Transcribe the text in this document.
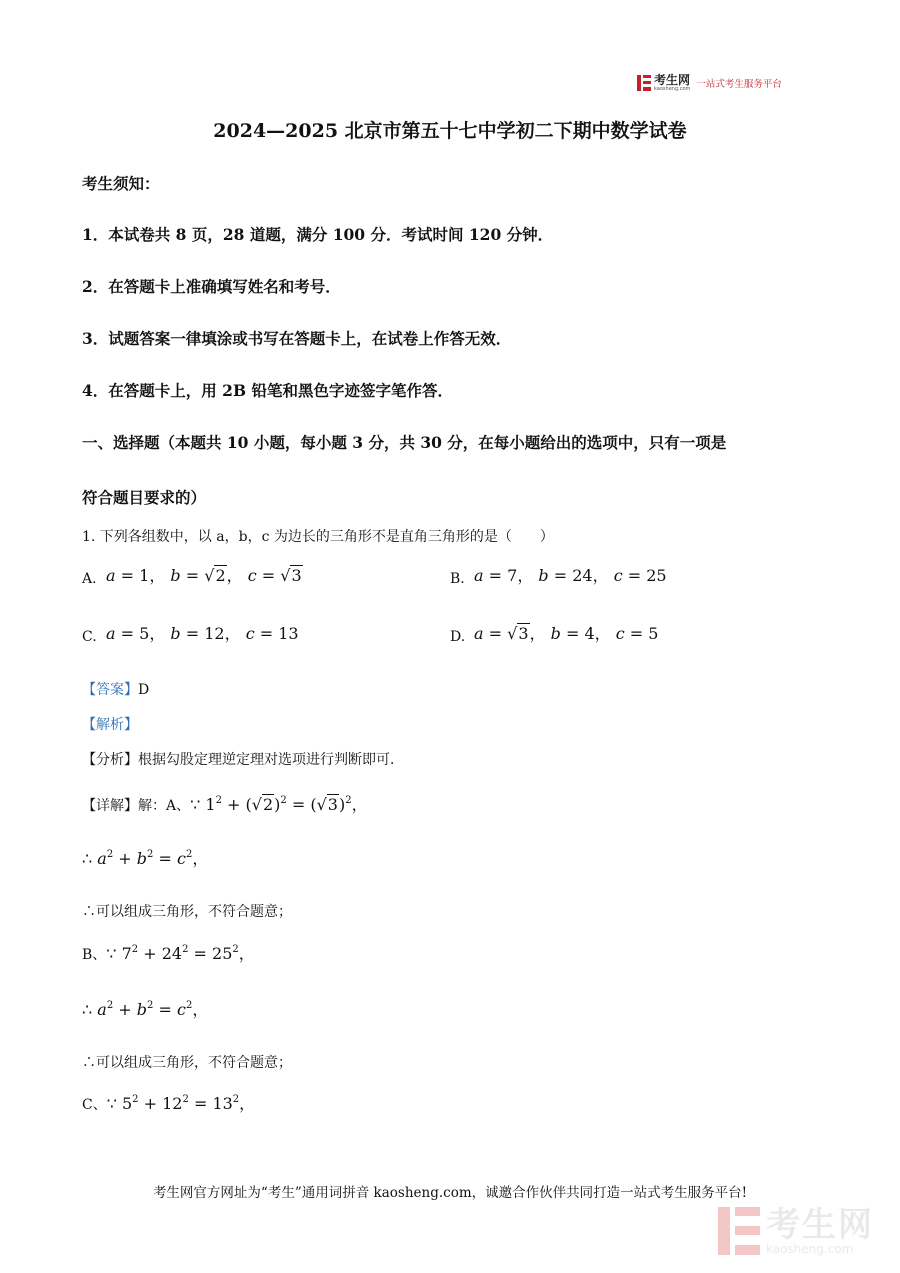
考生网
kaosheng.com 一站式考生服务平台
2024—2025 北京市第五十七中学初二下期中数学试卷
考生须知：
1．本试卷共 8 页，28 道题，满分 100 分．考试时间 120 分钟．
2．在答题卡上准确填写姓名和考号．
3．试题答案一律填涂或书写在答题卡上，在试卷上作答无效．
4．在答题卡上，用 2B 铅笔和黑色字迹签字笔作答．
一、选择题（本题共 10 小题，每小题 3 分，共 30 分，在每小题给出的选项中，只有一项是
符合题目要求的）
1. 下列各组数中，以 a，b，c 为边长的三角形不是直角三角形的是（　　）
A. a = 1， b = √2， c = √3	B. a = 7， b = 24， c = 25
C. a = 5， b = 12， c = 13	D. a = √3， b = 4， c = 5
【答案】D
【解析】
【分析】根据勾股定理逆定理对选项进行判断即可．
【详解】解：A、∵ $1^2 + (√2)^2 = (√3)^2$，
∴ $a^2 + b^2 = c^2$，
∴可以组成三角形，不符合题意；
B、∵ $7^2 + 24^2 = 25^2$，
∴ $a^2 + b^2 = c^2$，
∴可以组成三角形，不符合题意；
C、∵ $5^2 + 12^2 = 13^2$，
考生网官方网址为“考生”通用词拼音 kaosheng.com，诚邀合作伙伴共同打造一站式考生服务平台!
考生网
kaosheng.com
